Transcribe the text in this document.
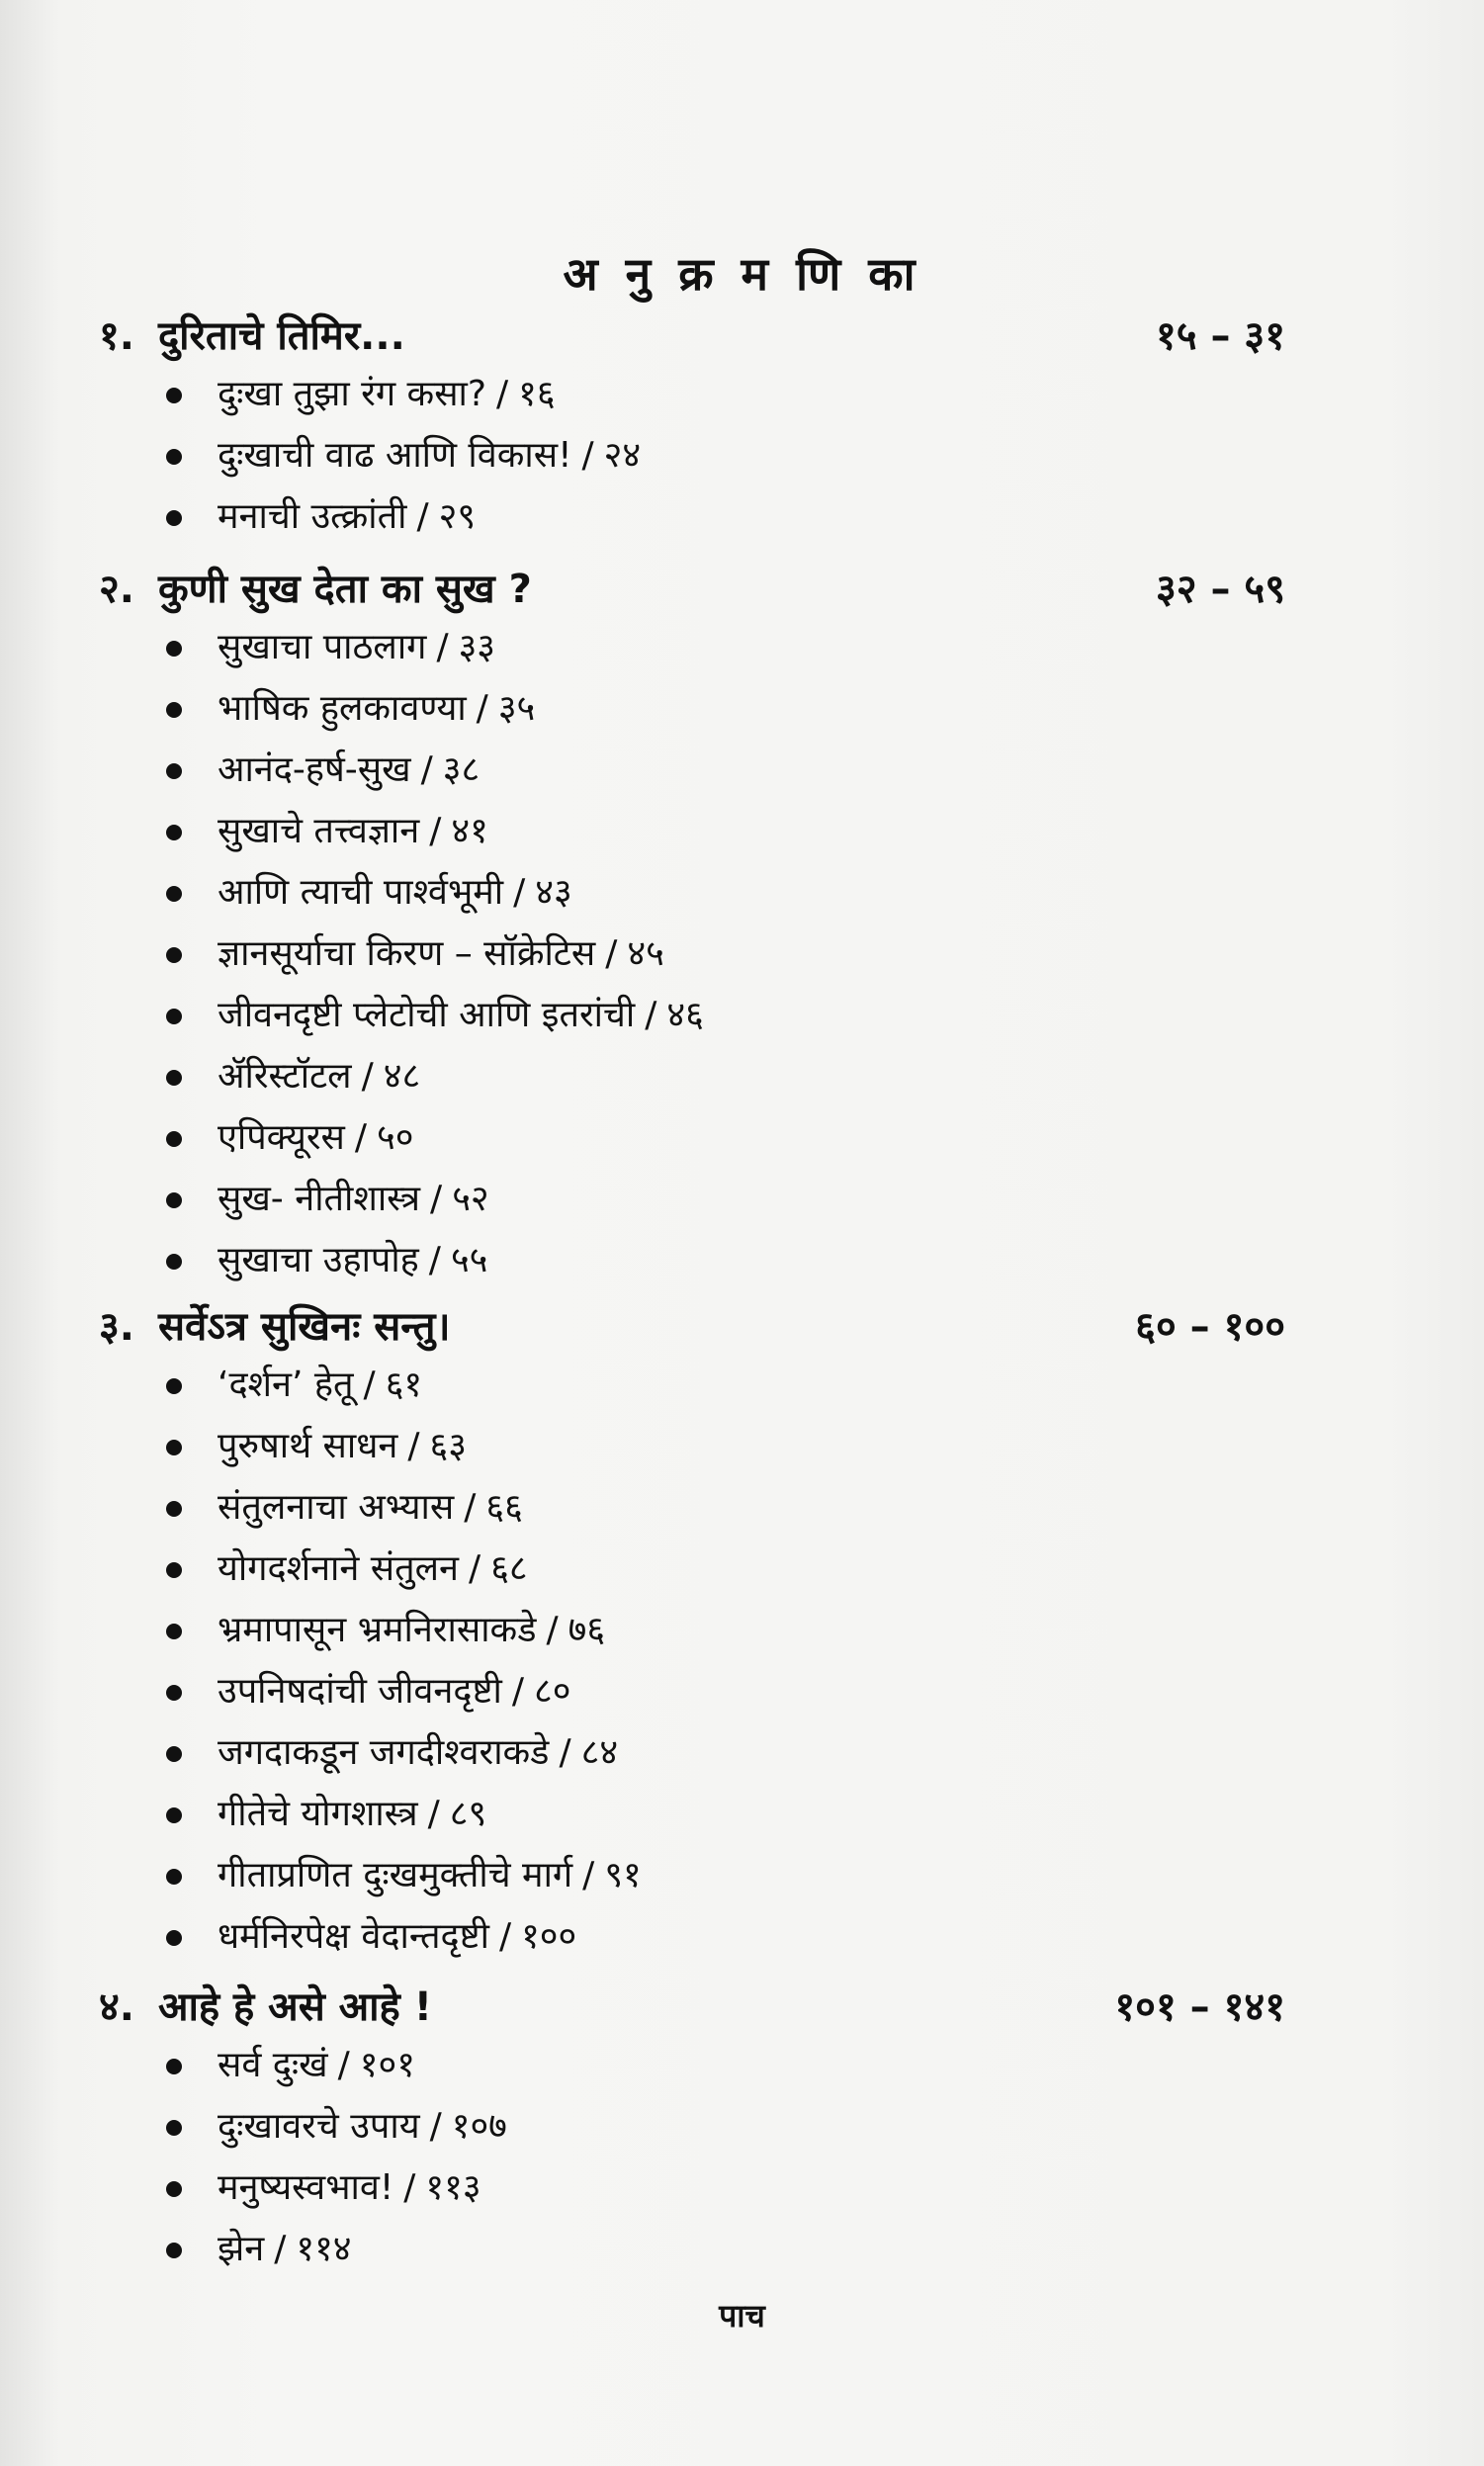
अ नु क्र म णि का
१. दुरिताचे तिमिर...	१५ – ३१
दुःखा तुझा रंग कसा? / १६
दुःखाची वाढ आणि विकास! / २४
मनाची उत्क्रांती / २९
२. कुणी सुख देता का सुख ?	३२ – ५९
सुखाचा पाठलाग / ३३
भाषिक हुलकावण्या / ३५
आनंद-हर्ष-सुख / ३८
सुखाचे तत्त्वज्ञान / ४१
आणि त्याची पार्श्वभूमी / ४३
ज्ञानसूर्याचा किरण – सॉक्रेटिस / ४५
जीवनदृष्टी प्लेटोची आणि इतरांची / ४६
ॲरिस्टॉटल / ४८
एपिक्यूरस / ५०
सुख- नीतीशास्त्र / ५२
सुखाचा उहापोह / ५५
३. सर्वेऽत्र सुखिनः सन्तु।	६० – १००
‘दर्शन’ हेतू / ६१
पुरुषार्थ साधन / ६३
संतुलनाचा अभ्यास / ६६
योगदर्शनाने संतुलन / ६८
भ्रमापासून भ्रमनिरासाकडे / ७६
उपनिषदांची जीवनदृष्टी / ८०
जगदाकडून जगदीश्वराकडे / ८४
गीतेचे योगशास्त्र / ८९
गीताप्रणित दुःखमुक्तीचे मार्ग / ९१
धर्मनिरपेक्ष वेदान्तदृष्टी / १००
४. आहे हे असे आहे !	१०१ – १४१
सर्व दुःखं / १०१
दुःखावरचे उपाय / १०७
मनुष्यस्वभाव! / ११३
झेन / ११४
पाच
